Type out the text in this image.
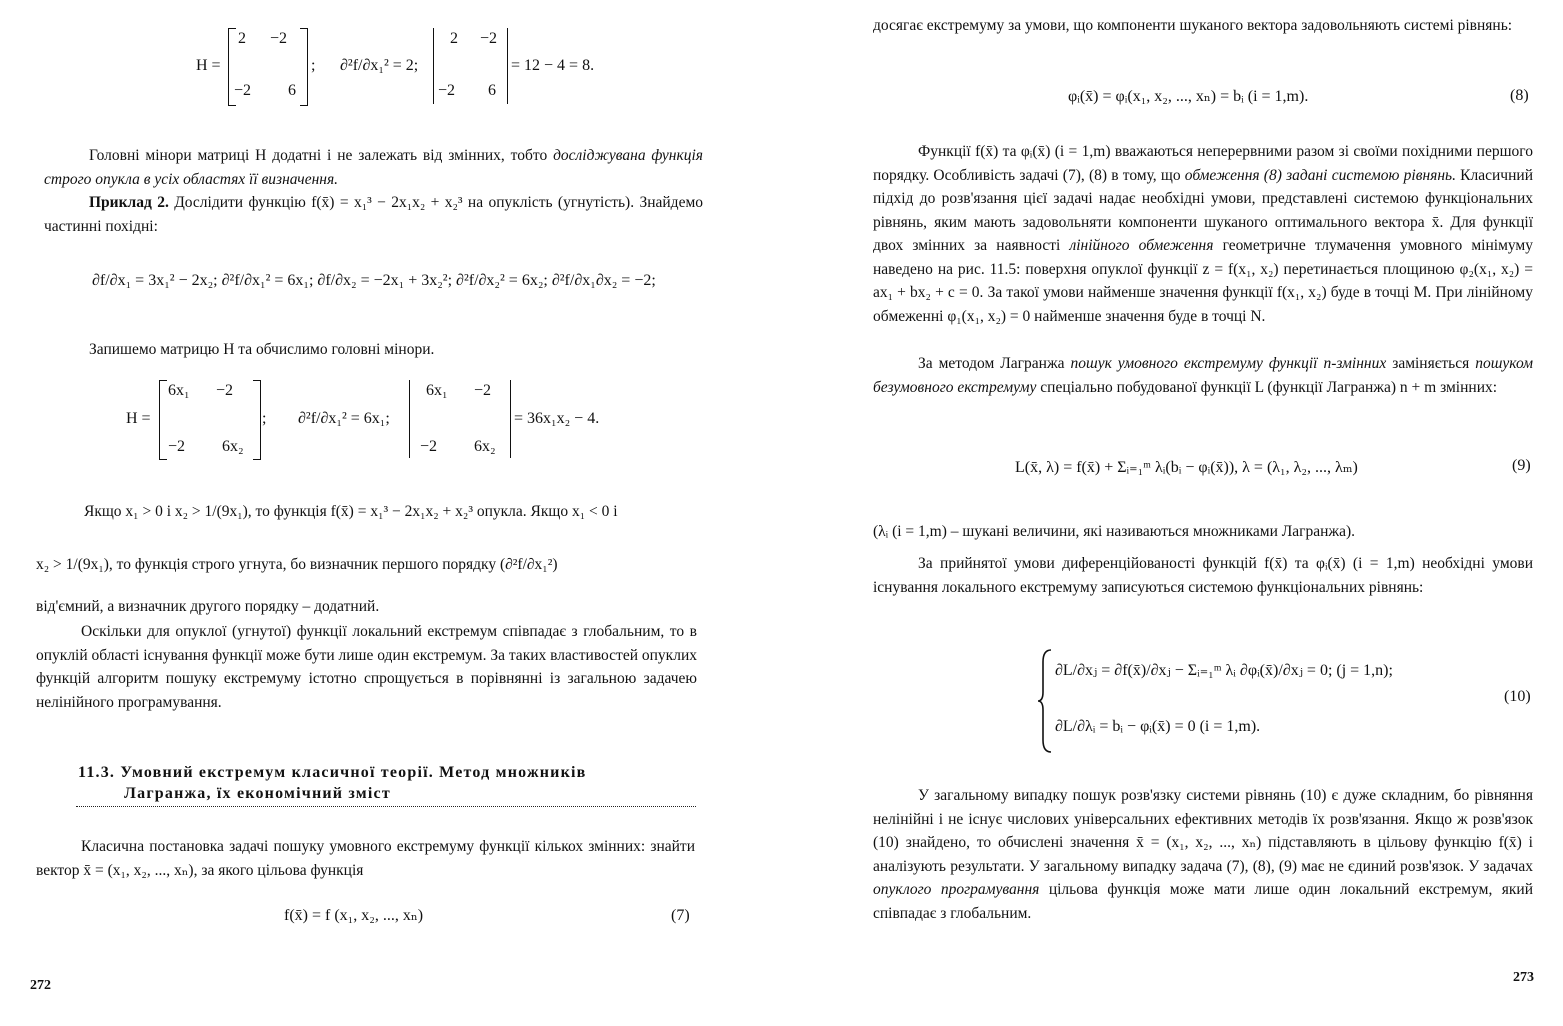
H =
2 −2
−2 6
; ∂²f/∂x₁² = 2;
2 −2
−2 6
= 12 − 4 = 8.

Головні мінори матриці H додатні і не залежать від змінних, тобто досліджувана функція строго опукла в усіх областях її визначення.

Приклад 2. Дослідити функцію f(x̄) = x₁³ − 2x₁x₂ + x₂³ на опуклість (угнутість). Знайдемо частинні похідні:

∂f/∂x₁ = 3x₁² − 2x₂; ∂²f/∂x₁² = 6x₁; ∂f/∂x₂ = −2x₁ + 3x₂²; ∂²f/∂x₂² = 6x₂; ∂²f/∂x₁∂x₂ = −2;

Запишемо матрицю H та обчислимо головні мінори.

H =
6x₁ −2
−2 6x₂
; ∂²f/∂x₁² = 6x₁;
6x₁ −2
−2 6x₂
= 36x₁x₂ − 4.

Якщо x₁ > 0 і x₂ > 1/(9x₁), то функція f(x̄) = x₁³ − 2x₁x₂ + x₂³ опукла. Якщо x₁ < 0 і

x₂ > 1/(9x₁), то функція строго угнута, бо визначник першого порядку (∂²f/∂x₁²)

від'ємний, а визначник другого порядку – додатний.

Оскільки для опуклої (угнутої) функції локальний екстремум співпадає з глобальним, то в опуклій області існування функції може бути лише один екстремум. За таких властивостей опуклих функцій алгоритм пошуку екстремуму істотно спрощується в порівнянні із загальною задачею нелінійного програмування.

11.3. Умовний екстремум класичної теорії. Метод множників
Лагранжа, їх економічний зміст

Класична постановка задачі пошуку умовного екстремуму функції кількох змінних: знайти вектор x̄ = (x₁, x₂, ..., xₙ), за якого цільова функція

f(x̄) = f (x₁, x₂, ..., xₙ)	(7)
272

досягає екстремуму за умови, що компоненти шуканого вектора задовольняють системі рівнянь:

φᵢ(x̄) = φᵢ(x₁, x₂, ..., xₙ) = bᵢ (i = 1,m).	(8)

Функції f(x̄) та φᵢ(x̄) (i = 1,m) вважаються неперервними разом зі своїми похідними першого порядку. Особливість задачі (7), (8) в тому, що обмеження (8) задані системою рівнянь. Класичний підхід до розв'язання цієї задачі надає необхідні умови, представлені системою функціональних рівнянь, яким мають задовольняти компоненти шуканого оптимального вектора x̄. Для функції двох змінних за наявності лінійного обмеження геометричне тлумачення умовного мінімуму наведено на рис. 11.5: поверхня опуклої функції z = f(x₁, x₂) перетинається площиною φ₂(x₁, x₂) = ax₁ + bx₂ + c = 0. За такої умови найменше значення функції f(x₁, x₂) буде в точці M. При лінійному обмеженні φ₁(x₁, x₂) = 0 найменше значення буде в точці N.

За методом Лагранжа пошук умовного екстремуму функції n-змінних заміняється пошуком безумовного екстремуму спеціально побудованої функції L (функції Лагранжа) n + m змінних:

L(x̄, λ) = f(x̄) + Σᵢ₌₁ᵐ λᵢ(bᵢ − φᵢ(x̄)), λ = (λ₁, λ₂, ..., λₘ)	(9)

(λᵢ (i = 1,m) – шукані величини, які називаються множниками Лагранжа).

За прийнятої умови диференційованості функцій f(x̄) та φᵢ(x̄) (i = 1,m) необхідні умови існування локального екстремуму записуються системою функціональних рівнянь:

∂L/∂xⱼ = ∂f(x̄)/∂xⱼ − Σᵢ₌₁ᵐ λᵢ ∂φᵢ(x̄)/∂xⱼ = 0; (j = 1,n);
∂L/∂λᵢ = bᵢ − φᵢ(x̄) = 0 (i = 1,m).
(10)

У загальному випадку пошук розв'язку системи рівнянь (10) є дуже складним, бо рівняння нелінійні і не існує числових універсальних ефективних методів їх розв'язання. Якщо ж розв'язок (10) знайдено, то обчислені значення x̄ = (x₁, x₂, ..., xₙ) підставляють в цільову функцію f(x̄) і аналізують результати. У загальному випадку задача (7), (8), (9) має не єдиний розв'язок. У задачах опуклого програмування цільова функція може мати лише один локальний екстремум, який співпадає з глобальним.

273
